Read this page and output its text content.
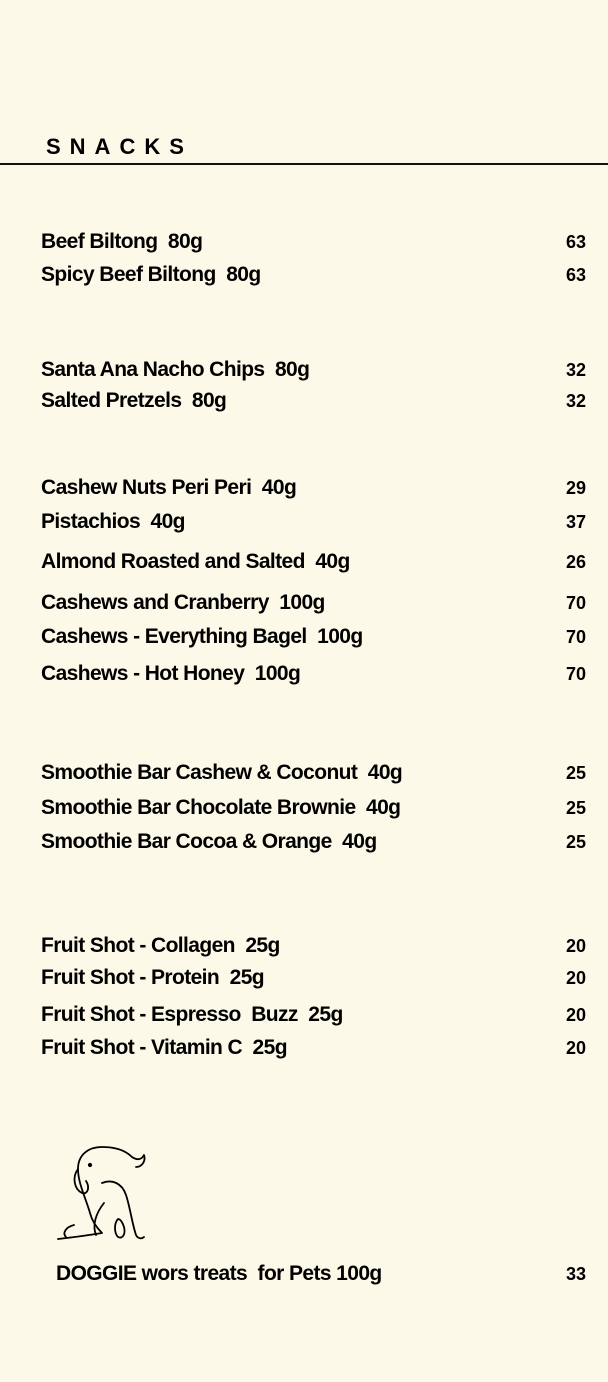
SNACKS
Beef Biltong  80g	63
Spicy Beef Biltong  80g	63
Santa Ana Nacho Chips  80g	32
Salted Pretzels  80g	32
Cashew Nuts Peri Peri  40g	29
Pistachios  40g	37
Almond Roasted and Salted  40g	26
Cashews and Cranberry  100g	70
Cashews - Everything Bagel  100g	70
Cashews - Hot Honey  100g	70
Smoothie Bar Cashew & Coconut  40g	25
Smoothie Bar Chocolate Brownie  40g	25
Smoothie Bar Cocoa & Orange  40g	25
Fruit Shot - Collagen  25g	20
Fruit Shot - Protein  25g	20
Fruit Shot - Espresso  Buzz  25g	20
Fruit Shot - Vitamin C  25g	20
DOGGIE wors treats  for Pets 100g	33
